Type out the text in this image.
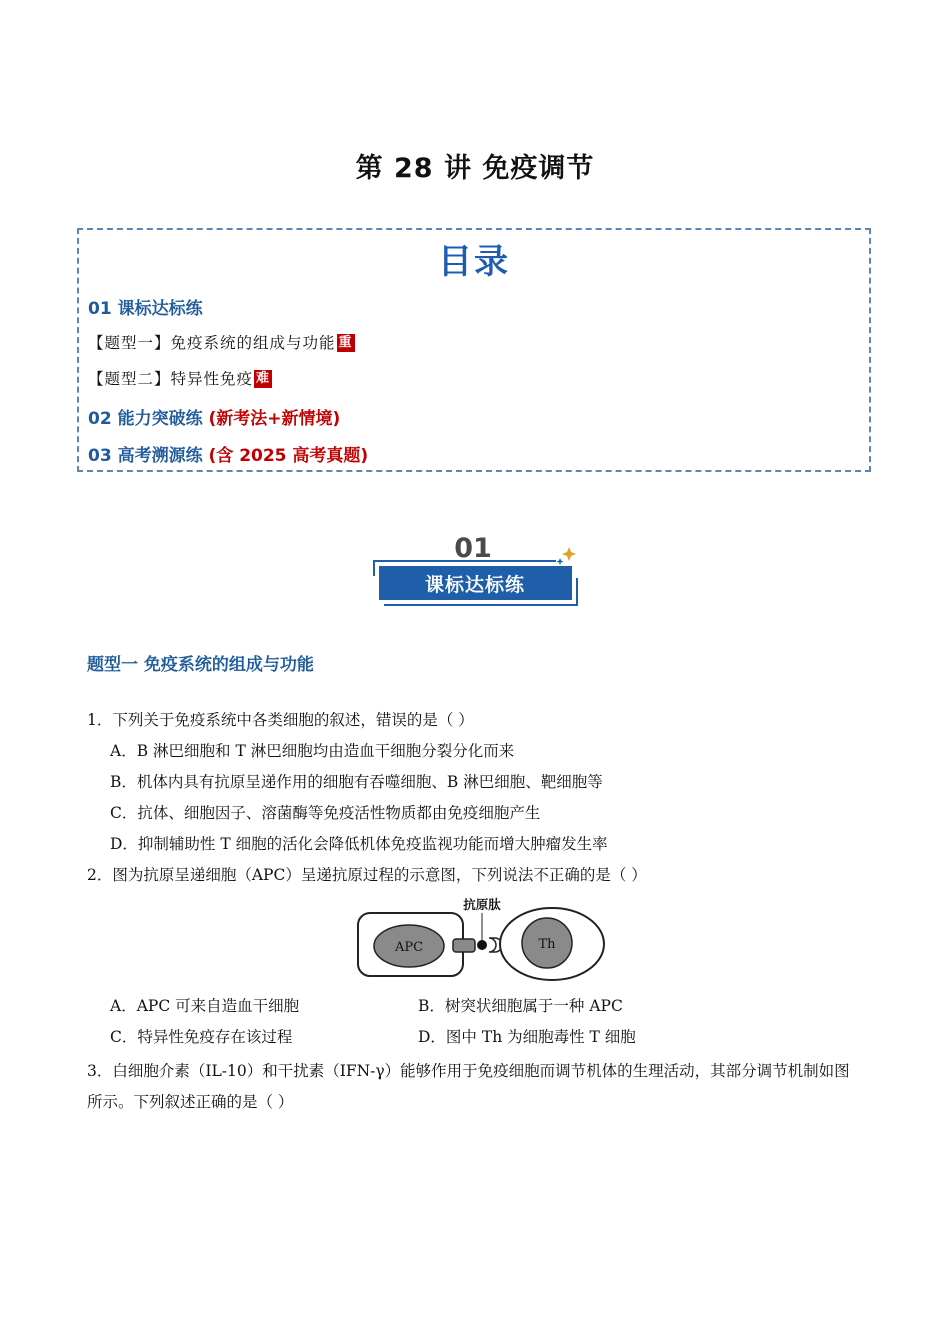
第 28 讲 免疫调节
目录
01 课标达标练
【题型一】免疫系统的组成与功能 重
【题型二】特异性免疫 难
02 能力突破练 (新考法+新情境)
03 高考溯源练 (含 2025 高考真题)
01
课标达标练
题型一 免疫系统的组成与功能
1．下列关于免疫系统中各类细胞的叙述，错误的是（ ）
A．B 淋巴细胞和 T 淋巴细胞均由造血干细胞分裂分化而来
B．机体内具有抗原呈递作用的细胞有吞噬细胞、B 淋巴细胞、靶细胞等
C．抗体、细胞因子、溶菌酶等免疫活性物质都由免疫细胞产生
D．抑制辅助性 T 细胞的活化会降低机体免疫监视功能而增大肿瘤发生率
2．图为抗原呈递细胞（APC）呈递抗原过程的示意图，下列说法不正确的是（ ）
APC
抗原肽
Th
A．APC 可来自造血干细胞	B．树突状细胞属于一种 APC
C．特异性免疫存在该过程	D．图中 Th 为细胞毒性 T 细胞
3．白细胞介素（IL-10）和干扰素（IFN-γ）能够作用于免疫细胞而调节机体的生理活动，其部分调节机制如图所示。下列叙述正确的是（ ）
